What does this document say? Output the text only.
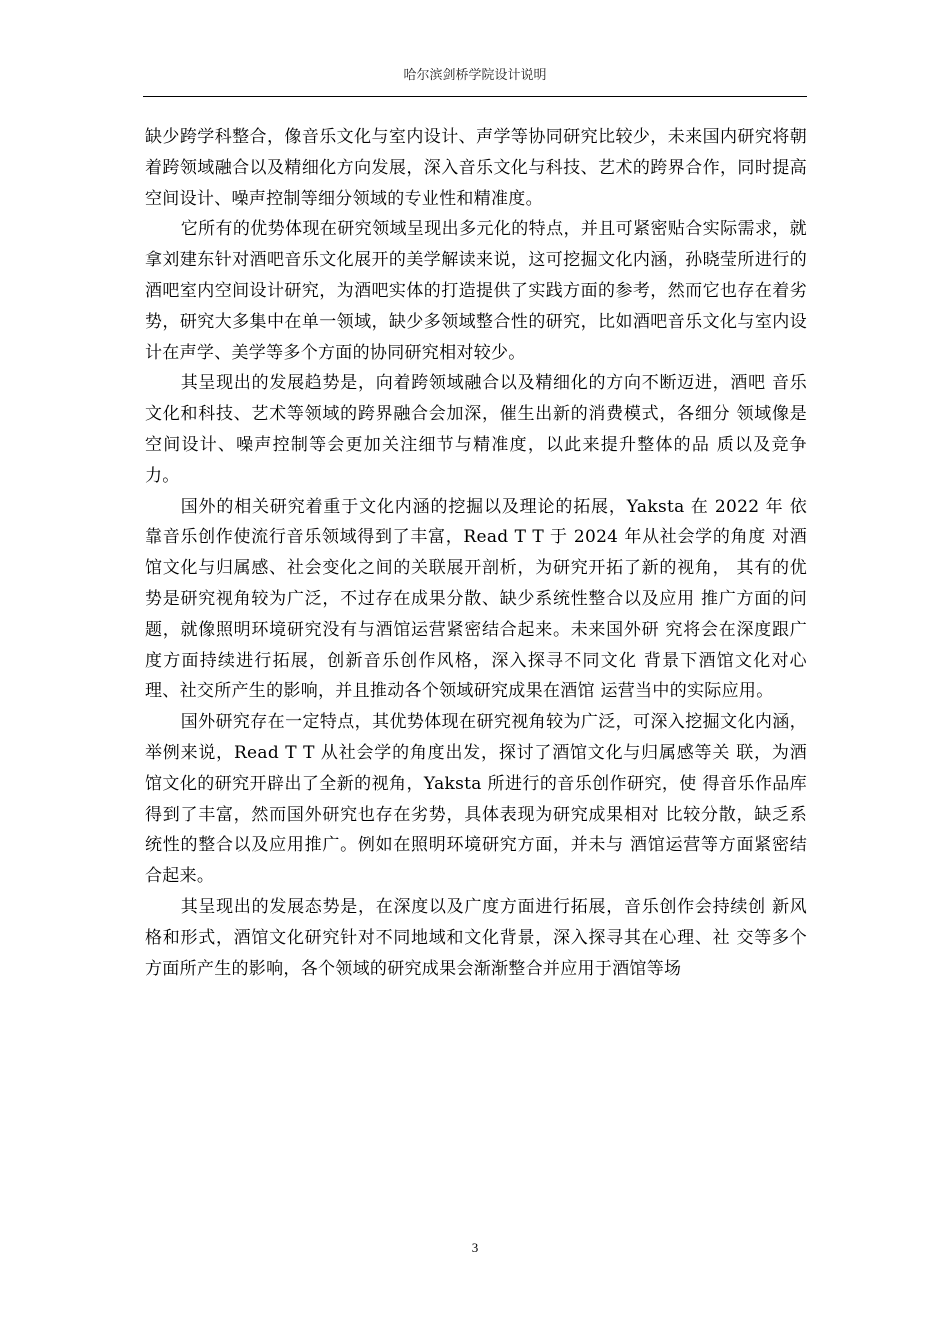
哈尔滨剑桥学院设计说明

缺少跨学科整合，像音乐文化与室内设计、声学等协同研究比较少，未来国内研究将朝着跨领域融合以及精细化方向发展，深入音乐文化与科技、艺术的跨界合作，同时提高空间设计、噪声控制等细分领域的专业性和精准度。

它所有的优势体现在研究领域呈现出多元化的特点，并且可紧密贴合实际需求，就拿刘建东针对酒吧音乐文化展开的美学解读来说，这可挖掘文化内涵，孙晓莹所进行的酒吧室内空间设计研究，为酒吧实体的打造提供了实践方面的参考，然而它也存在着劣势，研究大多集中在单一领域，缺少多领域整合性的研究，比如酒吧音乐文化与室内设计在声学、美学等多个方面的协同研究相对较少。

其呈现出的发展趋势是，向着跨领域融合以及精细化的方向不断迈进，酒吧 音乐文化和科技、艺术等领域的跨界融合会加深，催生出新的消费模式，各细分 领域像是空间设计、噪声控制等会更加关注细节与精准度，以此来提升整体的品 质以及竞争力。

国外的相关研究着重于文化内涵的挖掘以及理论的拓展，Yaksta 在 2022 年 依靠音乐创作使流行音乐领域得到了丰富，Read T T 于 2024 年从社会学的角度 对酒馆文化与归属感、社会变化之间的关联展开剖析，为研究开拓了新的视角， 其有的优势是研究视角较为广泛，不过存在成果分散、缺少系统性整合以及应用 推广方面的问题，就像照明环境研究没有与酒馆运营紧密结合起来。未来国外研 究将会在深度跟广度方面持续进行拓展，创新音乐创作风格，深入探寻不同文化 背景下酒馆文化对心理、社交所产生的影响，并且推动各个领域研究成果在酒馆 运营当中的实际应用。

国外研究存在一定特点，其优势体现在研究视角较为广泛，可深入挖掘文化内涵，举例来说，Read T T 从社会学的角度出发，探讨了酒馆文化与归属感等关 联，为酒馆文化的研究开辟出了全新的视角，Yaksta 所进行的音乐创作研究，使 得音乐作品库得到了丰富，然而国外研究也存在劣势，具体表现为研究成果相对 比较分散，缺乏系统性的整合以及应用推广。例如在照明环境研究方面，并未与 酒馆运营等方面紧密结合起来。

其呈现出的发展态势是，在深度以及广度方面进行拓展，音乐创作会持续创 新风格和形式，酒馆文化研究针对不同地域和文化背景，深入探寻其在心理、社 交等多个方面所产生的影响，各个领域的研究成果会渐渐整合并应用于酒馆等场

3
